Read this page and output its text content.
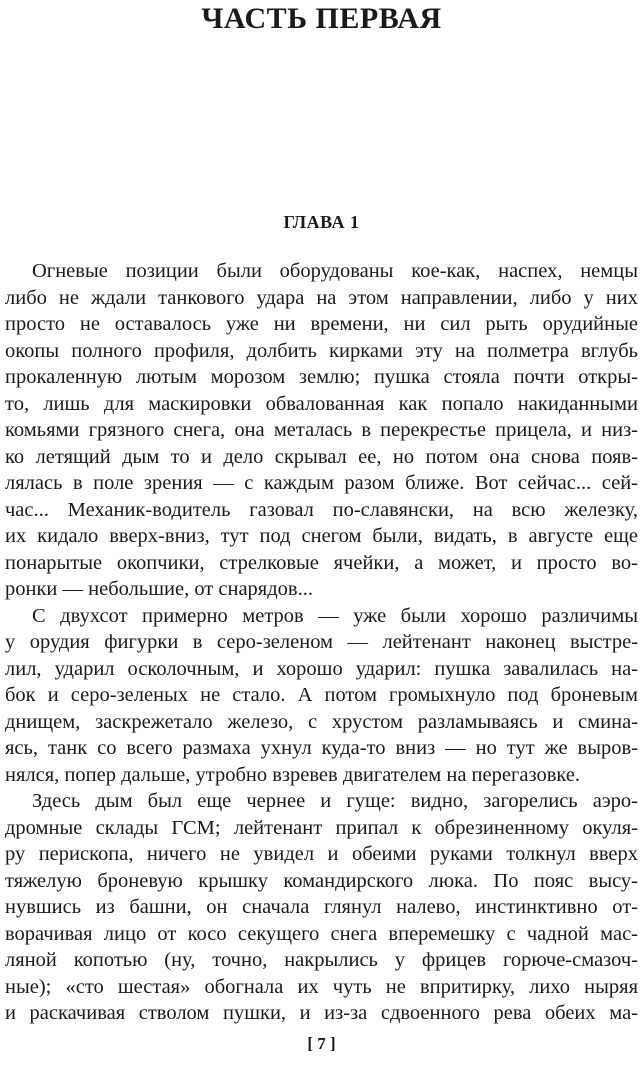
ЧАСТЬ ПЕРВАЯ
ГЛАВА 1
Огневые позиции были оборудованы кое-как, наспех, немцы
либо не ждали танкового удара на этом направлении, либо у них
просто не оставалось уже ни времени, ни сил рыть орудийные
окопы полного профиля, долбить кирками эту на полметра вглубь
прокаленную лютым морозом землю; пушка стояла почти откры-
то, лишь для маскировки обвалованная как попало накиданными
комьями грязного снега, она металась в перекрестье прицела, и низ-
ко летящий дым то и дело скрывал ее, но потом она снова появ-
лялась в поле зрения — с каждым разом ближе. Вот сейчас... сей-
час... Механик-водитель газовал по-славянски, на всю железку,
их кидало вверх-вниз, тут под снегом были, видать, в августе еще
понарытые окопчики, стрелковые ячейки, а может, и просто во-
ронки — небольшие, от снарядов...
С двухсот примерно метров — уже были хорошо различимы
у орудия фигурки в серо-зеленом — лейтенант наконец выстре-
лил, ударил осколочным, и хорошо ударил: пушка завалилась на-
бок и серо-зеленых не стало. А потом громыхнуло под броневым
днищем, заскрежетало железо, с хрустом разламываясь и смина-
ясь, танк со всего размаха ухнул куда-то вниз — но тут же выров-
нялся, попер дальше, утробно взревев двигателем на перегазовке.
Здесь дым был еще чернее и гуще: видно, загорелись аэро-
дромные склады ГСМ; лейтенант припал к обрезиненному окуля-
ру перископа, ничего не увидел и обеими руками толкнул вверх
тяжелую броневую крышку командирского люка. По пояс высу-
нувшись из башни, он сначала глянул налево, инстинктивно от-
ворачивая лицо от косо секущего снега вперемешку с чадной мас-
ляной копотью (ну, точно, накрылись у фрицев горюче-смазоч-
ные); «сто шестая» обогнала их чуть не впритирку, лихо ныряя
и раскачивая стволом пушки, и из-за сдвоенного рева обеих ма-
[ 7 ]
